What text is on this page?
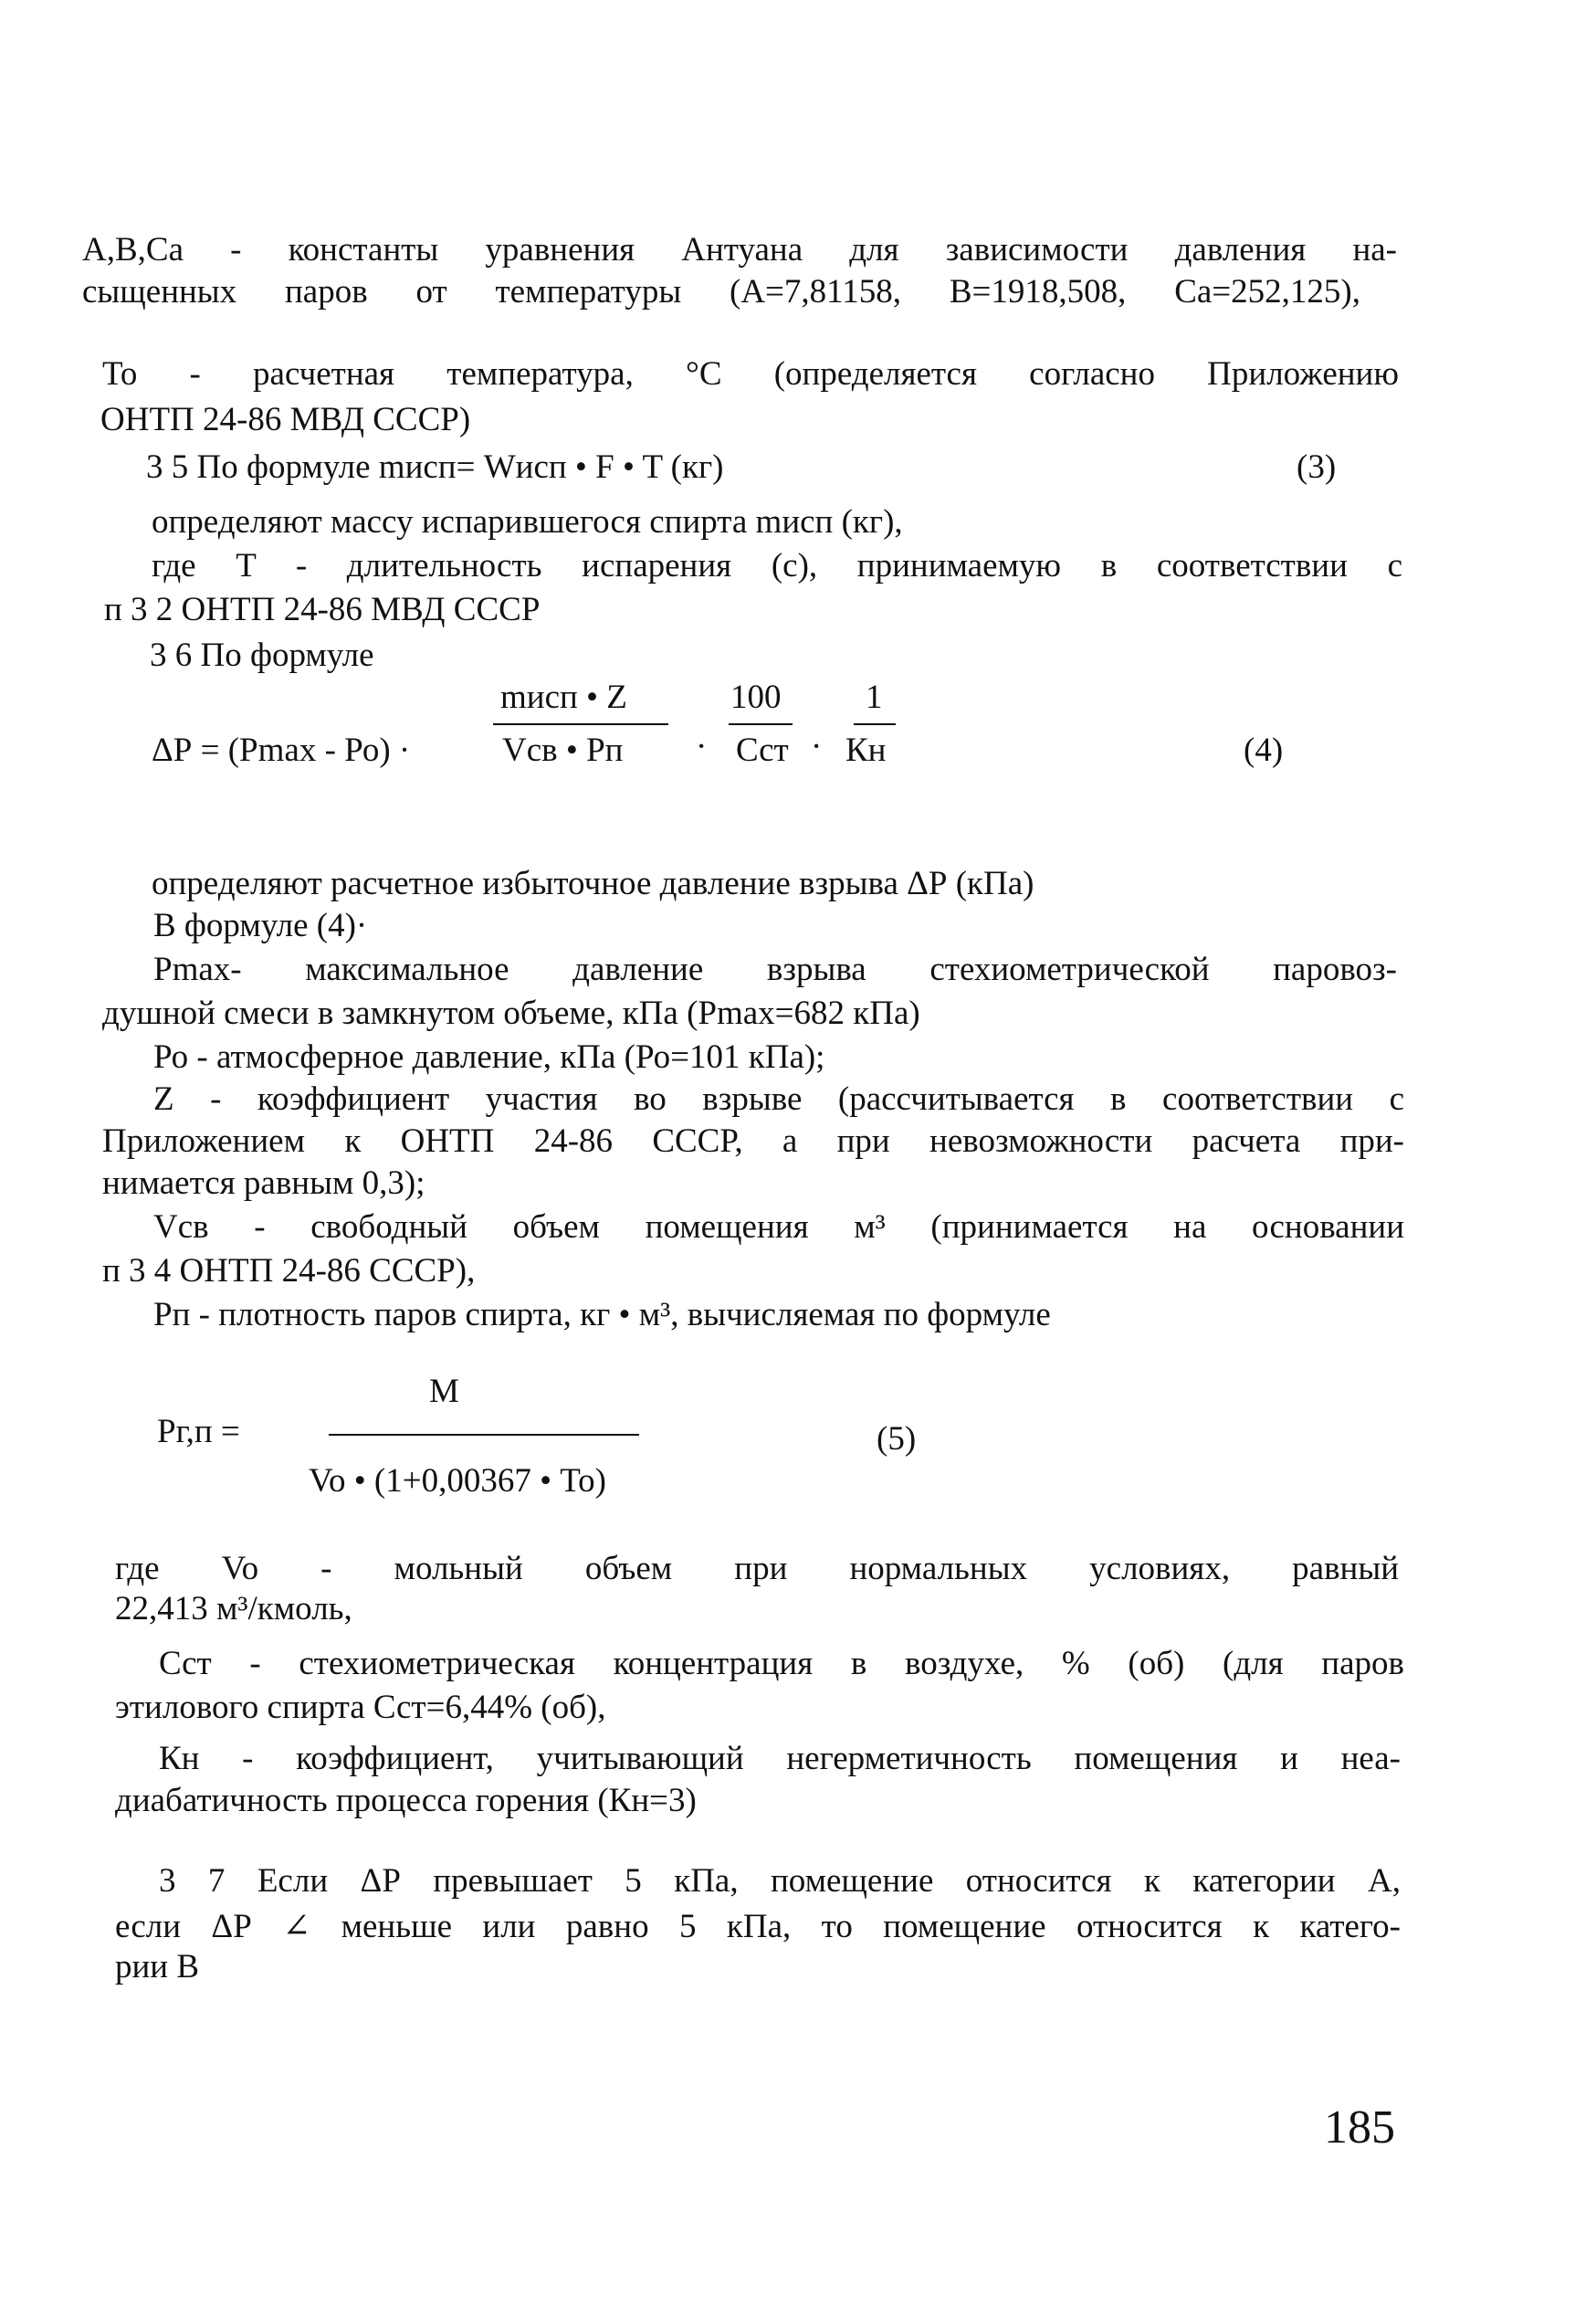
A,B,Ca - константы уравнения Антуана для зависимости давления на-
сыщенных паров от температуры (A=7,81158, B=1918,508, Ca=252,125),
То - расчетная температура, °С (определяется согласно Приложению
ОНТП 24-86 МВД СССР)
3 5 По формуле mисп= Wисп • F • T (кг)	(3)
определяют массу испарившегося спирта mисп (кг),
где T - длительность испарения (с), принимаемую в соответствии с
п 3 2 ОНТП 24-86 МВД СССР
3 6 По формуле
ΔР = (Рmах - Ро) ·
mисп • Z
Vсв • Рп ·
100
Сст ·
1
Кн	(4)
определяют расчетное избыточное давление взрыва ΔР (кПа)
В формуле (4)·
Рmах- максимальное давление взрыва стехиометрической паровоз-
душной смеси в замкнутом объеме, кПа (Рmах=682 кПа)
Ро - атмосферное давление, кПа (Ро=101 кПа);
Z - коэффициент участия во взрыве (рассчитывается в соответствии с
Приложением к ОНТП 24-86 СССР, а при невозможности расчета при-
нимается равным 0,3);
Vсв - свободный объем помещения м³ (принимается на основании
п 3 4 ОНТП 24-86 СССР),
Рп - плотность паров спирта, кг • м³, вычисляемая по формуле
Рг,п =
M
Vo • (1+0,00367 • То)
(5)
где Vo - мольный объем при нормальных условиях, равный
22,413 м³/кмоль,
Сст - стехиометрическая концентрация в воздухе, % (об) (для паров
этилового спирта Сст=6,44% (об),
Кн - коэффициент, учитывающий негерметичность помещения и неа-
диабатичность процесса горения (Кн=3)
3 7 Если ΔР превышает 5 кПа, помещение относится к категории А,
если ΔР ∠ меньше или равно 5 кПа, то помещение относится к катего-
рии В
185
